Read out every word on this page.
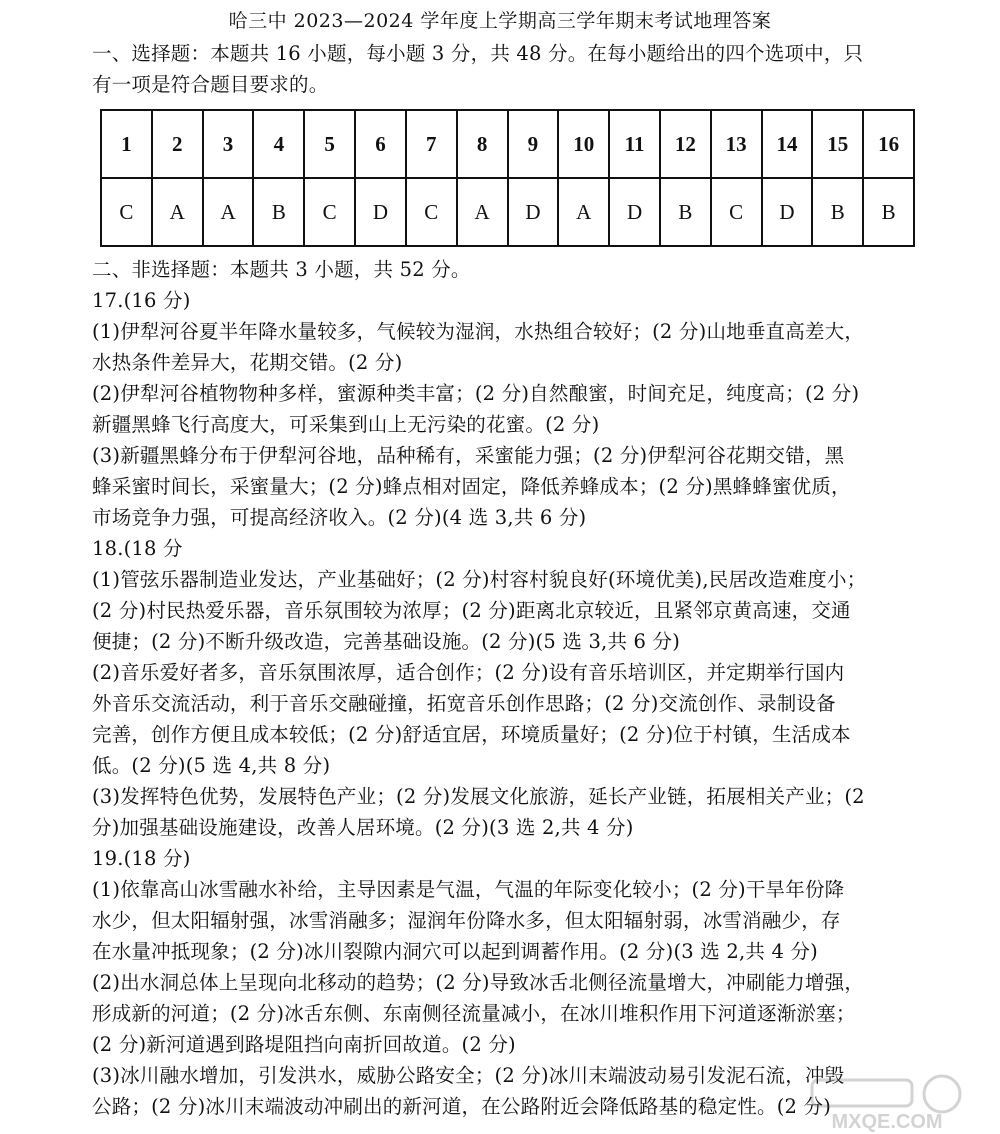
哈三中 2023—2024 学年度上学期高三学年期末考试地理答案
一、选择题：本题共 16 小题，每小题 3 分，共 48 分。在每小题给出的四个选项中，只
有一项是符合题目要求的。
1	2	3	4	5	6	7	8	9	10	11	12	13	14	15	16
C	A	A	B	C	D	C	A	D	A	D	B	C	D	B	B
二、非选择题：本题共 3 小题，共 52 分。
17.(16 分)
(1)伊犁河谷夏半年降水量较多，气候较为湿润，水热组合较好；(2 分)山地垂直高差大，
水热条件差异大，花期交错。(2 分)
(2)伊犁河谷植物物种多样，蜜源种类丰富；(2 分)自然酿蜜，时间充足，纯度高；(2 分)
新疆黑蜂飞行高度大，可采集到山上无污染的花蜜。(2 分)
(3)新疆黑蜂分布于伊犁河谷地，品种稀有，采蜜能力强；(2 分)伊犁河谷花期交错，黑
蜂采蜜时间长，采蜜量大；(2 分)蜂点相对固定，降低养蜂成本；(2 分)黑蜂蜂蜜优质，
市场竞争力强，可提高经济收入。(2 分)(4 选 3,共 6 分)
18.(18 分
(1)管弦乐器制造业发达，产业基础好；(2 分)村容村貌良好(环境优美),民居改造难度小；
(2 分)村民热爱乐器，音乐氛围较为浓厚；(2 分)距离北京较近，且紧邻京黄高速，交通
便捷；(2 分)不断升级改造，完善基础设施。(2 分)(5 选 3,共 6 分)
(2)音乐爱好者多，音乐氛围浓厚，适合创作；(2 分)设有音乐培训区，并定期举行国内
外音乐交流活动，利于音乐交融碰撞，拓宽音乐创作思路；(2 分)交流创作、录制设备
完善，创作方便且成本较低；(2 分)舒适宜居，环境质量好；(2 分)位于村镇，生活成本
低。(2 分)(5 选 4,共 8 分)
(3)发挥特色优势，发展特色产业；(2 分)发展文化旅游，延长产业链，拓展相关产业；(2
分)加强基础设施建设，改善人居环境。(2 分)(3 选 2,共 4 分)
19.(18 分)
(1)依靠高山冰雪融水补给，主导因素是气温，气温的年际变化较小；(2 分)干旱年份降
水少，但太阳辐射强，冰雪消融多；湿润年份降水多，但太阳辐射弱，冰雪消融少，存
在水量冲抵现象；(2 分)冰川裂隙内洞穴可以起到调蓄作用。(2 分)(3 选 2,共 4 分)
(2)出水洞总体上呈现向北移动的趋势；(2 分)导致冰舌北侧径流量增大，冲刷能力增强，
形成新的河道；(2 分)冰舌东侧、东南侧径流量减小，在冰川堆积作用下河道逐渐淤塞；
(2 分)新河道遇到路堤阻挡向南折回故道。(2 分)
(3)冰川融水增加，引发洪水，威胁公路安全；(2 分)冰川末端波动易引发泥石流，冲毁
公路；(2 分)冰川末端波动冲刷出的新河道，在公路附近会降低路基的稳定性。(2 分)
MXQE.COM
